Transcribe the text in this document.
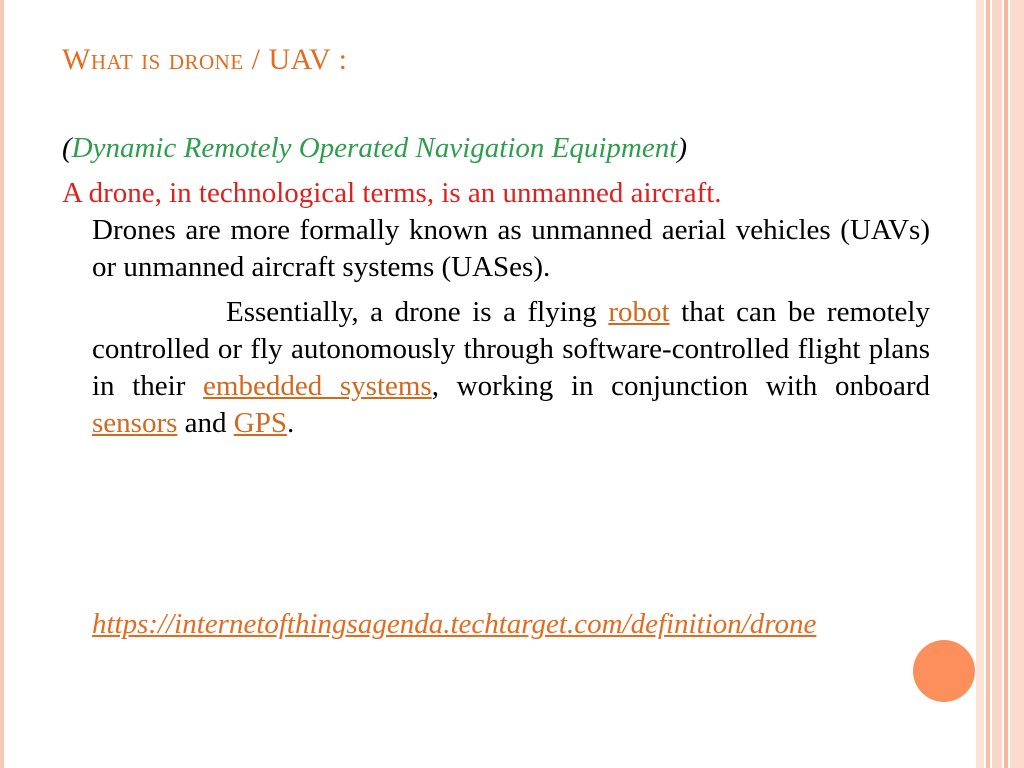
What is drone / UAV :
(Dynamic Remotely Operated Navigation Equipment)
A drone, in technological terms, is an unmanned aircraft.
Drones are more formally known as unmanned aerial vehicles (UAVs) or unmanned aircraft systems (UASes).
Essentially, a drone is a flying robot that can be remotely controlled or fly autonomously through software-controlled flight plans in their embedded systems, working in conjunction with onboard sensors and GPS.
https://internetofthingsagenda.techtarget.com/definition/drone
